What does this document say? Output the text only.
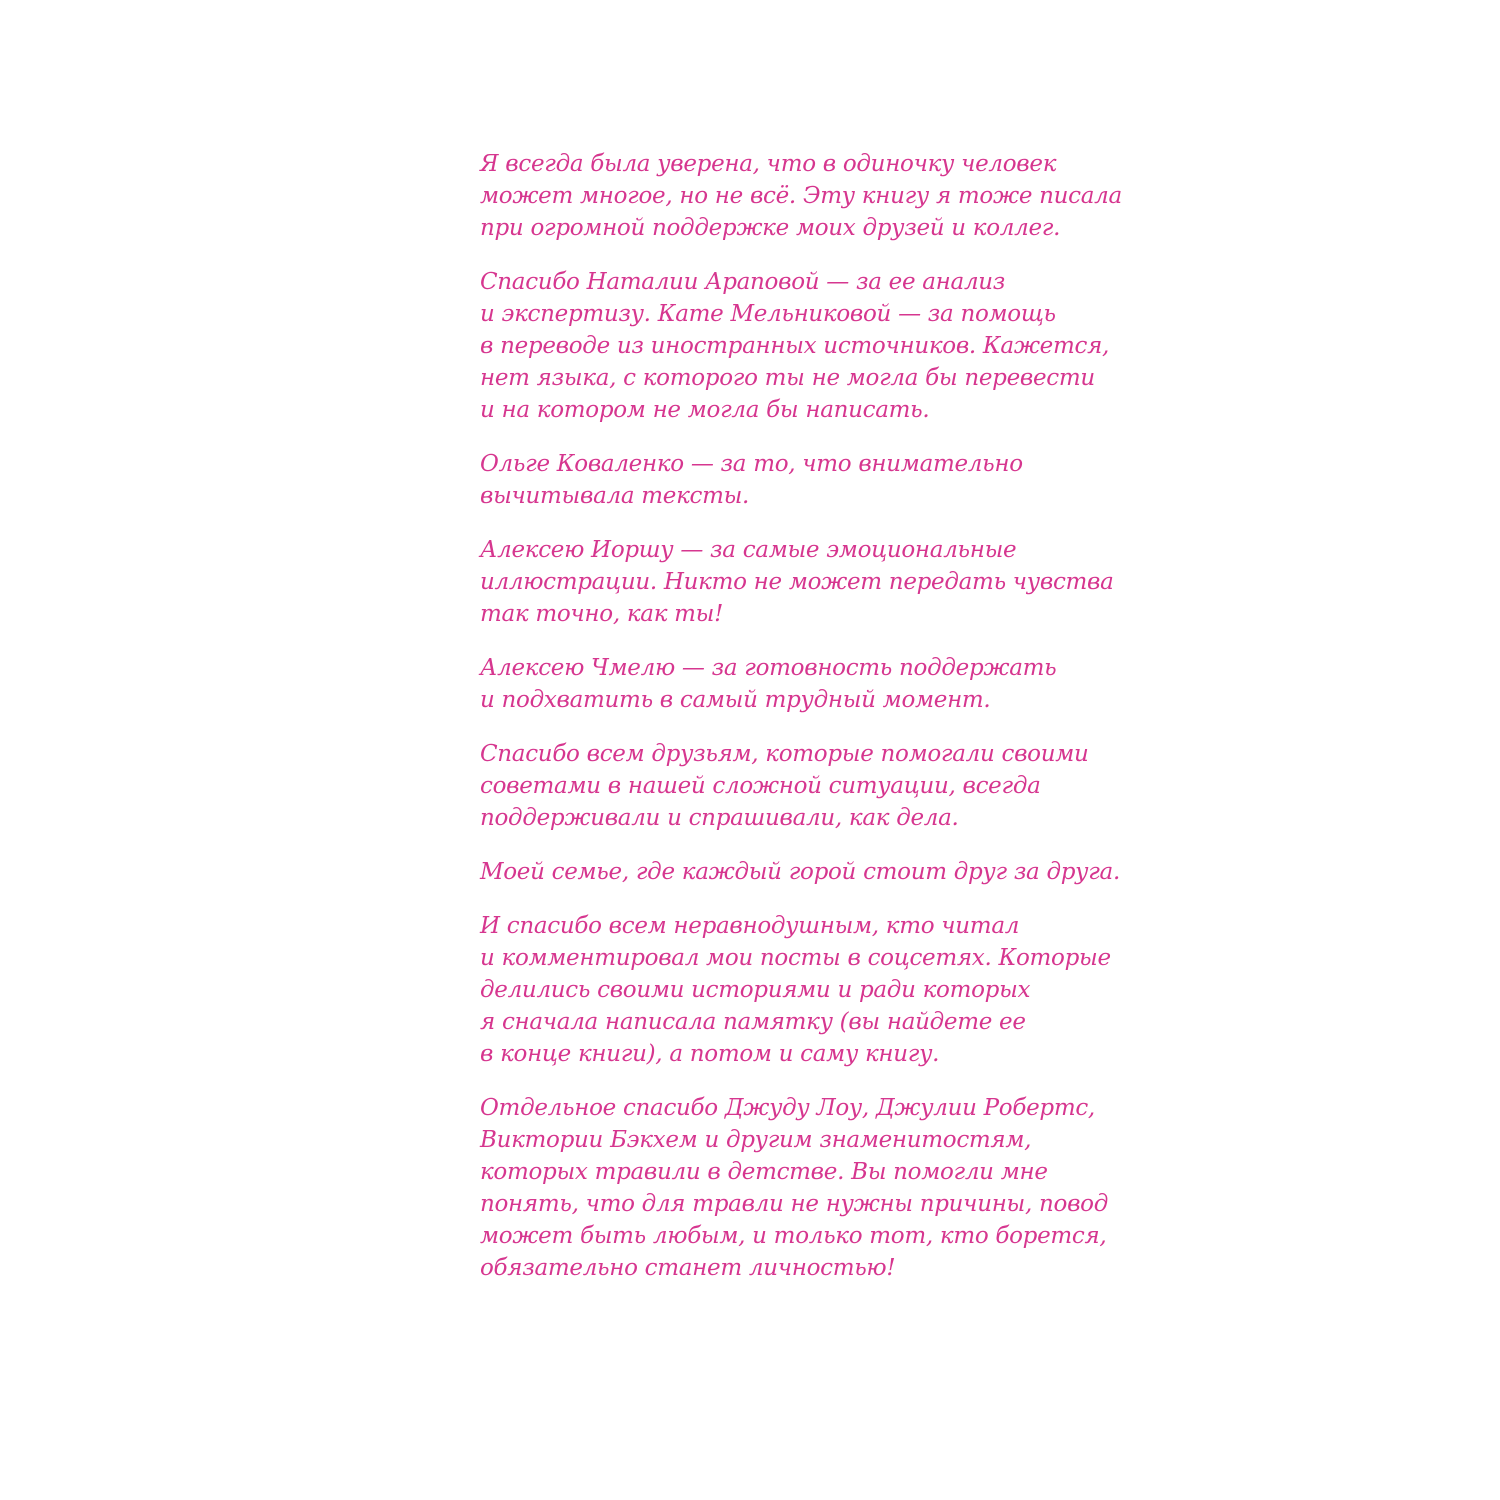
Я всегда была уверена, что в одиночку человек
может многое, но не всё. Эту книгу я тоже писала
при огромной поддержке моих друзей и коллег.

Спасибо Наталии Араповой — за ее анализ
и экспертизу. Кате Мельниковой — за помощь
в переводе из иностранных источников. Кажется,
нет языка, с которого ты не могла бы перевести
и на котором не могла бы написать.

Ольге Коваленко — за то, что внимательно
вычитывала тексты.

Алексею Иоршу — за самые эмоциональные
иллюстрации. Никто не может передать чувства
так точно, как ты!

Алексею Чмелю — за готовность поддержать
и подхватить в самый трудный момент.

Спасибо всем друзьям, которые помогали своими
советами в нашей сложной ситуации, всегда
поддерживали и спрашивали, как дела.

Моей семье, где каждый горой стоит друг за друга.

И спасибо всем неравнодушным, кто читал
и комментировал мои посты в соцсетях. Которые
делились своими историями и ради которых
я сначала написала памятку (вы найдете ее
в конце книги), а потом и саму книгу.

Отдельное спасибо Джуду Лоу, Джулии Робертс,
Виктории Бэкхем и другим знаменитостям,
которых травили в детстве. Вы помогли мне
понять, что для травли не нужны причины, повод
может быть любым, и только тот, кто борется,
обязательно станет личностью!
